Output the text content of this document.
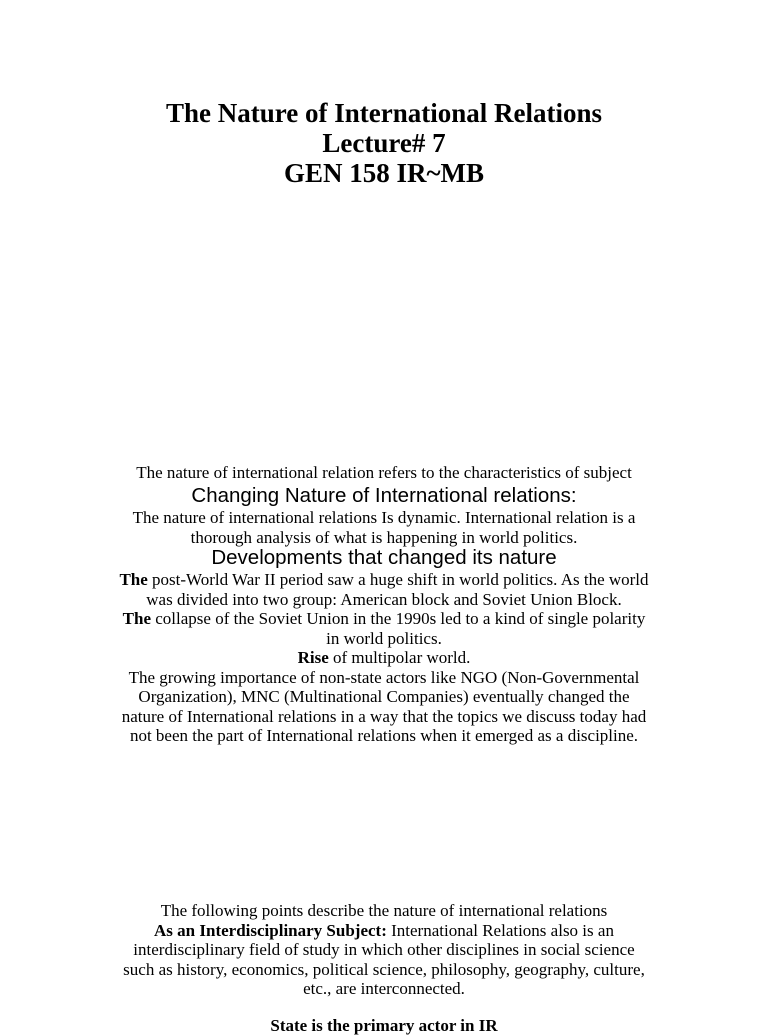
The Nature of International Relations
Lecture# 7
GEN 158 IR~MB
The nature of international relation refers to the characteristics of subject
Changing Nature of International relations:
The nature of international relations Is dynamic. International relation is a
thorough analysis of what is happening in world politics.
Developments that changed its nature
The post-World War II period saw a huge shift in world politics. As the world
was divided into two group: American block and Soviet Union Block.
The collapse of the Soviet Union in the 1990s led to a kind of single polarity
in world politics.
Rise of multipolar world.
The growing importance of non-state actors like NGO (Non-Governmental
Organization), MNC (Multinational Companies) eventually changed the
nature of International relations in a way that the topics we discuss today had
not been the part of International relations when it emerged as a discipline.
The following points describe the nature of international relations
As an Interdisciplinary Subject: International Relations also is an
interdisciplinary field of study in which other disciplines in social science
such as history, economics, political science, philosophy, geography, culture,
etc., are interconnected.
State is the primary actor in IR
